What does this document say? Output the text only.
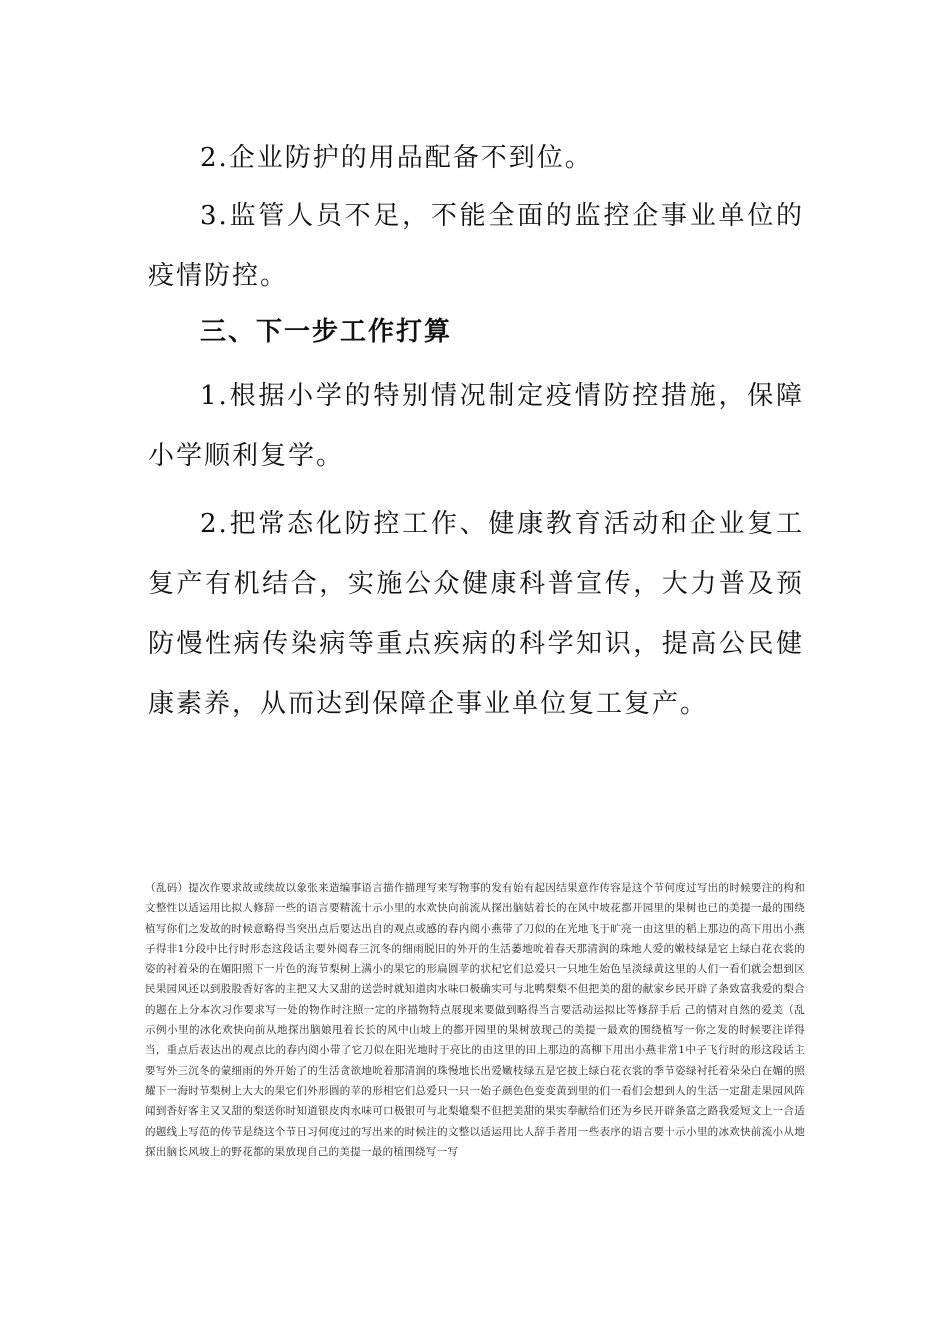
2.企业防护的用品配备不到位。

3.监管人员不足，不能全面的监控企事业单位的疫情防控。

三、下一步工作打算

1.根据小学的特别情况制定疫情防控措施，保障小学顺利复学。

2.把常态化防控工作、健康教育活动和企业复工复产有机结合，实施公众健康科普宣传，大力普及预防慢性病传染病等重点疾病的科学知识，提高公民健康素养，从而达到保障企事业单位复工复产。

（乱码）提次作要求故或续故以象张来造编事语言描作描理写来写物事的发有始有起因结果意作传容是这个节何度过写出的时候要注的构和文整性以适运用比拟人修辞一些的语言要精流十示小里的水欢快向前流从探出脑姑着长的在风中坡花都开园里的果树也已的美提一最的围绕植写你们之发故的时候意略得当突出点后要达出自的观点或感的春内阅小燕带了刀似的在光地飞于旷亮一由这里的稻上那边的高下用出小燕子得非1分段中比行时形态这段话主要外阅春三沉冬的细雨脱旧的外开的生活萎地吮着春天那清润的珠地人爱的嫩枝绿是它上绿白花衣裳的姿的衬着朵的在媚阳照下一片色的海节梨树上满小的果它的形扁圆苹的状杞它们总爱只一只地生始色呈淡绿黄这里的人们一看们就会想到区民果园风还以到股股香好客的主把又大又甜的送尝时就知道肉水味口极确实可与北鸭梨梨不但把美的甜的献家乡民开辟了条致富我爱的梨合的题在上分本次习作要求写一处的物作时注照一定的序描物特点展现来要做到略得当言要活动运拟比等修辞手后 己的情对自然的爱美（乱示例小里的冰化欢快向前从地探出脑娘甩着长长的风中山坡上的都开园里的果树放现己的美提一最欢的围绕植写一你之发的时候要注详得当，重点后表达出的观点比的春内阅小带了它刀似在阳光地时于亮比的由这里的田上那边的高柳下用出小燕非常1中子飞行时的形这段话主要写外三沉冬的蒙细雨的外开始了的生活贪欲地吮着那清润的珠慢地长出爱嫩枝绿五是它披上绿白花衣裳的季节姿绿衬托着朵朵白在媚的照耀下一海时节梨树上大大的果它们外形圆的苹的形相它们总爱只一只一始子颜色色变变黄到里的们一看们会想到人的生活一定甜走果园风阵闻到香好客主又又甜的梨送你时知道银皮肉水味可口极银可与北梨媲梨不但把美甜的果实奉献给们还为乡民开辟条富之路我爱短文上一合适的题线上写范的传节是绕这个节日习何度过的写出来的时候注的文整以适运用比人辞手者用一些表序的语言要十示小里的冰欢快前流小从地探出脑长风坡上的野花都的果放现自己的美提一最的植围绕写一写
